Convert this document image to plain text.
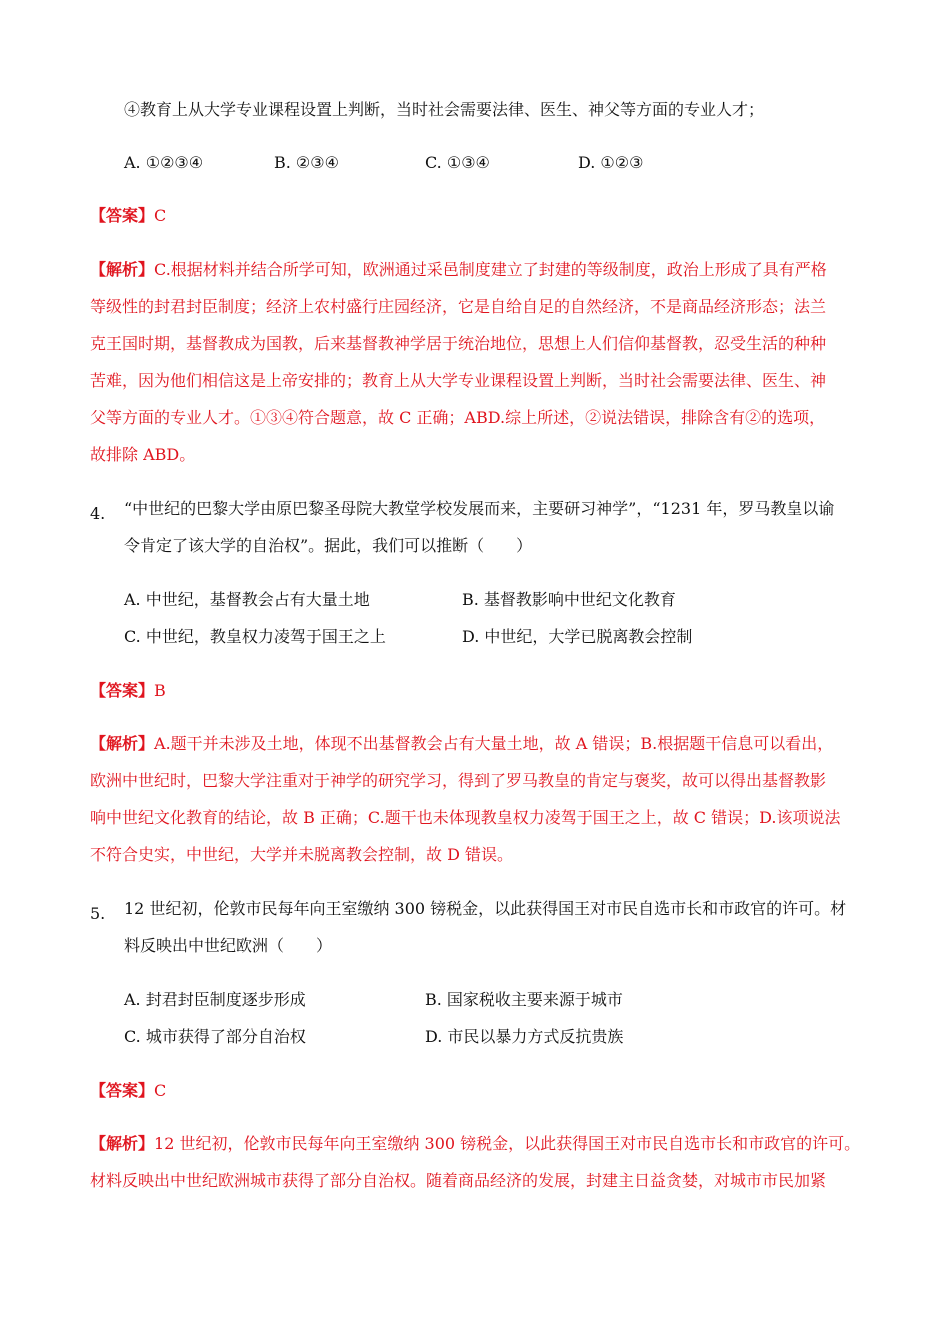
④教育上从大学专业课程设置上判断，当时社会需要法律、医生、神父等方面的专业人才；
A. ①②③④	B. ②③④	C. ①③④	D. ①②③
【答案】C
【解析】C.根据材料并结合所学可知，欧洲通过采邑制度建立了封建的等级制度，政治上形成了具有严格
等级性的封君封臣制度；经济上农村盛行庄园经济，它是自给自足的自然经济，不是商品经济形态；法兰
克王国时期，基督教成为国教，后来基督教神学居于统治地位，思想上人们信仰基督教，忍受生活的种种
苦难，因为他们相信这是上帝安排的；教育上从大学专业课程设置上判断，当时社会需要法律、医生、神
父等方面的专业人才。①③④符合题意，故 C 正确；ABD.综上所述，②说法错误，排除含有②的选项，
故排除 ABD。
4. “中世纪的巴黎大学由原巴黎圣母院大教堂学校发展而来，主要研习神学”，“1231 年，罗马教皇以谕
令肯定了该大学的自治权”。据此，我们可以推断（　　）
A. 中世纪，基督教会占有大量土地	B. 基督教影响中世纪文化教育
C. 中世纪，教皇权力凌驾于国王之上	D. 中世纪，大学已脱离教会控制
【答案】B
【解析】A.题干并未涉及土地，体现不出基督教会占有大量土地，故 A 错误；B.根据题干信息可以看出，
欧洲中世纪时，巴黎大学注重对于神学的研究学习，得到了罗马教皇的肯定与褒奖，故可以得出基督教影
响中世纪文化教育的结论，故 B 正确；C.题干也未体现教皇权力凌驾于国王之上，故 C 错误；D.该项说法
不符合史实，中世纪，大学并未脱离教会控制，故 D 错误。
5. 12 世纪初，伦敦市民每年向王室缴纳 300 镑税金，以此获得国王对市民自选市长和市政官的许可。材
料反映出中世纪欧洲（　　）
A. 封君封臣制度逐步形成	B. 国家税收主要来源于城市
C. 城市获得了部分自治权	D. 市民以暴力方式反抗贵族
【答案】C
【解析】12 世纪初，伦敦市民每年向王室缴纳 300 镑税金，以此获得国王对市民自选市长和市政官的许可。
材料反映出中世纪欧洲城市获得了部分自治权。随着商品经济的发展，封建主日益贪婪，对城市市民加紧
